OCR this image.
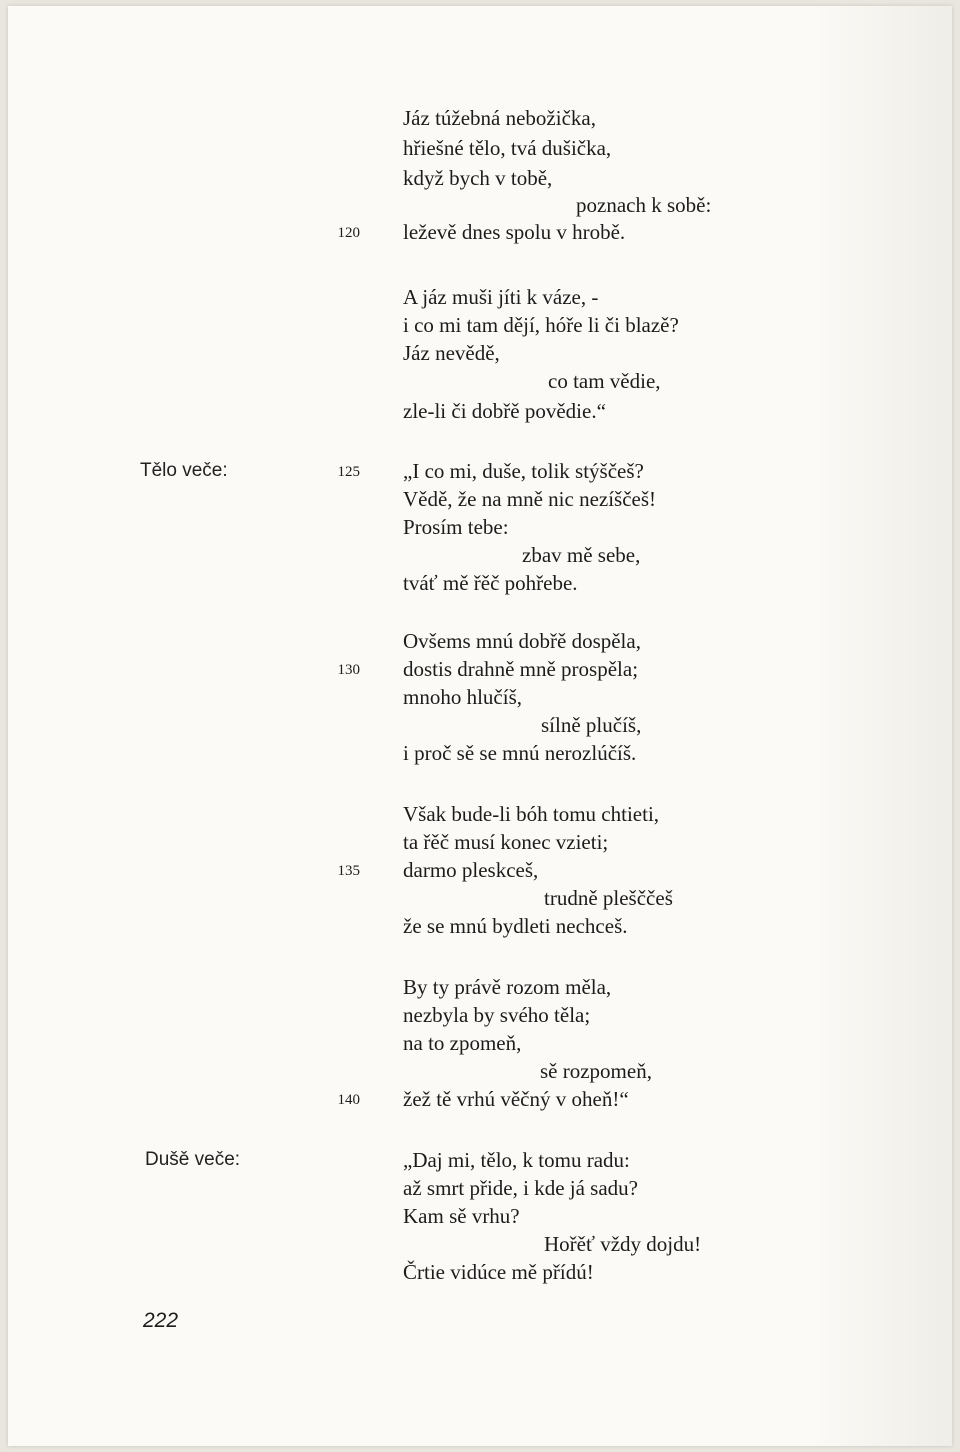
Jáz túžebná nebožička,
hřiešné tělo, tvá dušička,
když bych v tobě,
poznach k sobě:
120 leževě dnes spolu v hrobě.
A jáz muši jíti k váze, -
i co mi tam dějí, hóře li či blazě?
Jáz nevědě,
co tam vědie,
zle-li či dobřě povědie.“
Tělo veče:	125 „I co mi, duše, tolik stýščeš?
Vědě, že na mně nic nezíščeš!
Prosím tebe:
zbav mě sebe,
tváť mě řěč pohřebe.
Ovšems mnú dobřě dospěla,
130 dostis drahně mně prospěla;
mnoho hlučíš,
sílně plučíš,
i proč sě se mnú nerozlúčíš.
Však bude-li bóh tomu chtieti,
ta řěč musí konec vzieti;
135 darmo pleskceš,
trudně plešččeš
že se mnú bydleti nechceš.
By ty právě rozom měla,
nezbyla by svého těla;
na to zpomeň,
sě rozpomeň,
140 žež tě vrhú věčný v oheň!“
Dušě veče:	„Daj mi, tělo, k tomu radu:
až smrt přide, i kde já sadu?
Kam sě vrhu?
Hořěť vždy dojdu!
Črtie vidúce mě přídú!
222
